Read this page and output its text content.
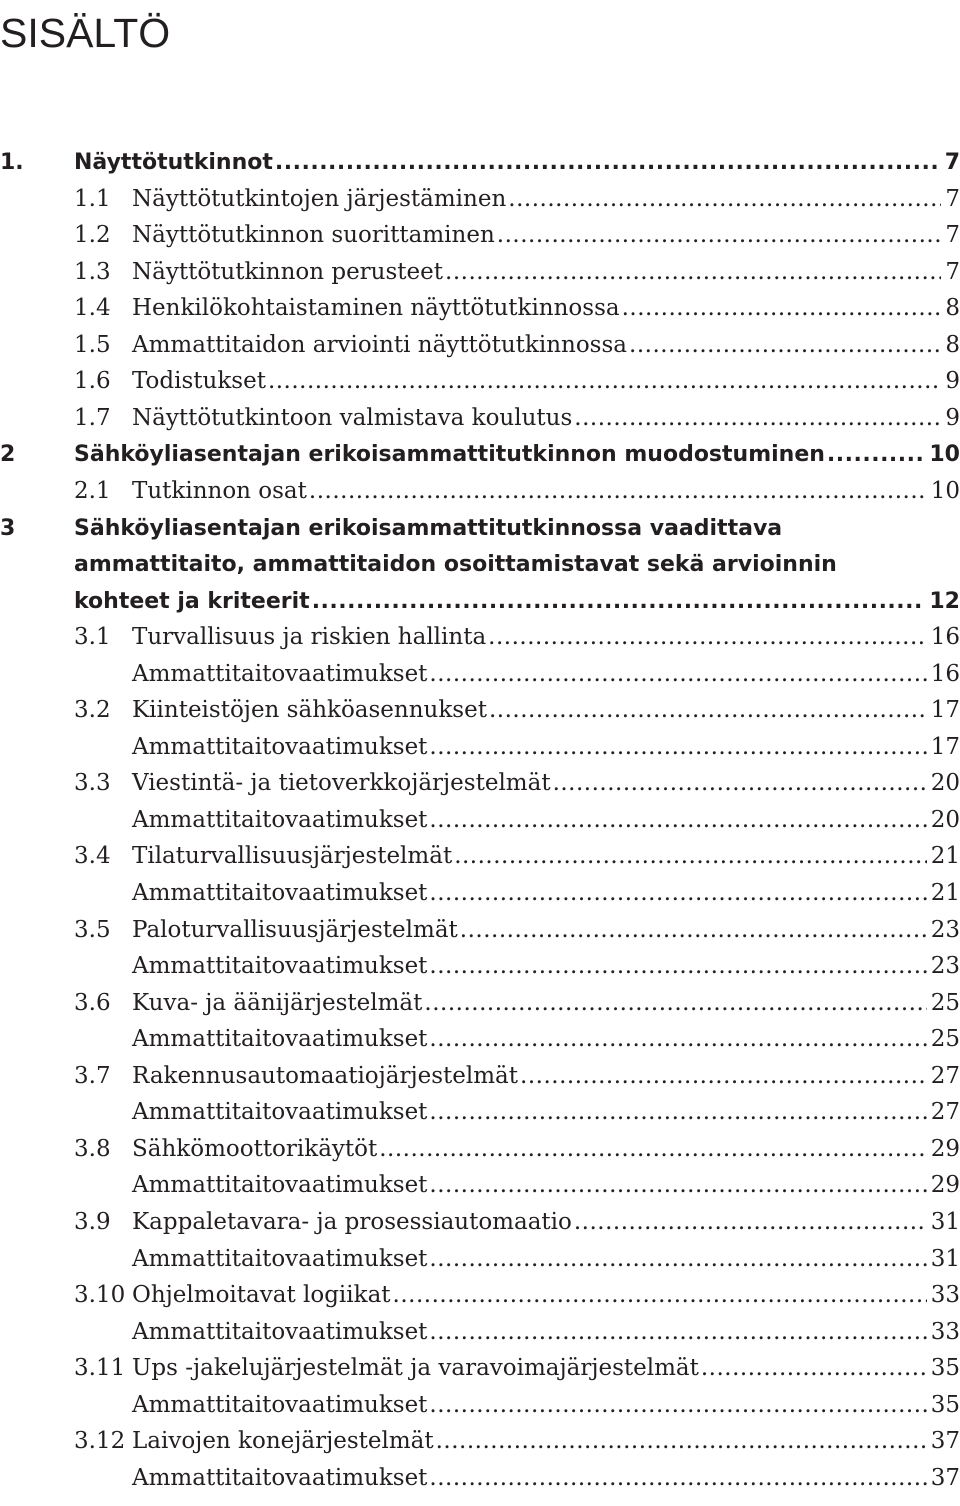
SISÄLTÖ
1. Näyttötutkinnot .....	7
1.1 Näyttötutkintojen järjestäminen .....	7
1.2 Näyttötutkinnon suorittaminen .....	7
1.3 Näyttötutkinnon perusteet .....	7
1.4 Henkilökohtaistaminen näyttötutkinnossa .....	8
1.5 Ammattitaidon arviointi näyttötutkinnossa .....	8
1.6 Todistukset .....	9
1.7 Näyttötutkintoon valmistava koulutus .....	9
2	Sähköyliasentajan erikoisammattitutkinnon muodostuminen .....	10
2.1 Tutkinnon osat .....	10
3	Sähköyliasentajan erikoisammattitutkinnossa vaadittava
ammattitaito, ammattitaidon osoittamistavat sekä arvioinnin
kohteet ja kriteerit .....	12
3.1 Turvallisuus ja riskien hallinta .....	16
Ammattitaitovaatimukset .....	16
3.2 Kiinteistöjen sähköasennukset .....	17
Ammattitaitovaatimukset .....	17
3.3 Viestintä- ja tietoverkkojärjestelmät .....	20
Ammattitaitovaatimukset .....	20
3.4 Tilaturvallisuusjärjestelmät .....	21
Ammattitaitovaatimukset .....	21
3.5 Paloturvallisuusjärjestelmät .....	23
Ammattitaitovaatimukset .....	23
3.6 Kuva- ja äänijärjestelmät .....	25
Ammattitaitovaatimukset .....	25
3.7 Rakennusautomaatiojärjestelmät .....	27
Ammattitaitovaatimukset .....	27
3.8 Sähkömoottorikäytöt .....	29
Ammattitaitovaatimukset .....	29
3.9 Kappaletavara- ja prosessiautomaatio .....	31
Ammattitaitovaatimukset .....	31
3.10 Ohjelmoitavat logiikat .....	33
Ammattitaitovaatimukset .....	33
3.11 Ups -jakelujärjestelmät ja varavoimajärjestelmät .....	35
Ammattitaitovaatimukset .....	35
3.12 Laivojen konejärjestelmät .....	37
Ammattitaitovaatimukset .....	37
